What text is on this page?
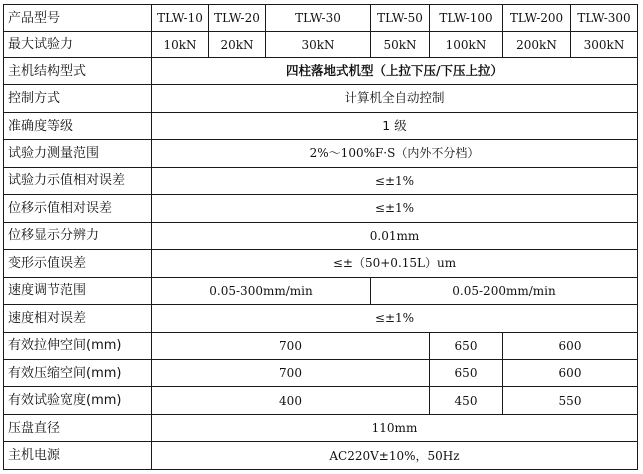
产品型号	TLW-10	TLW-20	TLW-30	TLW-50	TLW-100	TLW-200	TLW-300
最大试验力	10kN	20kN	30kN	50kN	100kN	200kN	300kN
主机结构型式	四柱落地式机型（上拉下压/下压上拉）						
控制方式	计算机全自动控制						
准确度等级	1 级						
试验力测量范围	2%～100%F·S（内外不分档）						
试验力示值相对误差	≤±1%						
位移示值相对误差	≤±1%						
位移显示分辨力	0.01mm						
变形示值误差	≤±（50+0.15L）um						
速度调节范围	0.05-300mm/min			0.05-200mm/min			
速度相对误差	≤±1%						
有效拉伸空间(mm)	700				650	600	
有效压缩空间(mm)	700				650	600	
有效试验宽度(mm)	400				450	550	
压盘直径	110mm						
主机电源	AC220V±10%，50Hz						
